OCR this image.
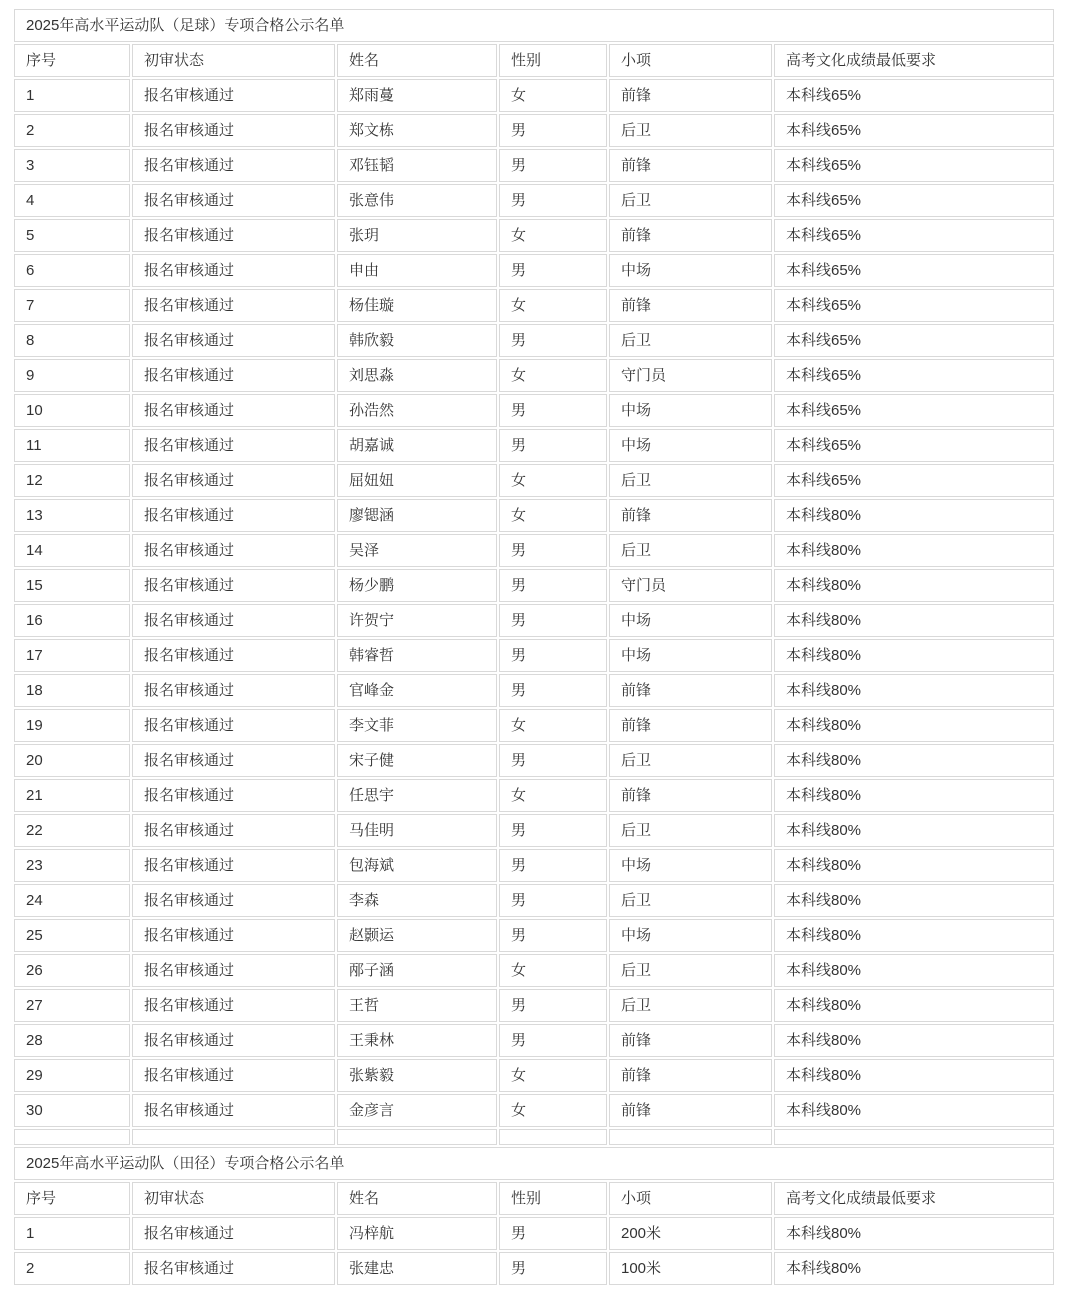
2025年高水平运动队（足球）专项合格公示名单					
序号	初审状态	姓名	性别	小项	高考文化成绩最低要求
1	报名审核通过	郑雨蔓	女	前锋	本科线65%
2	报名审核通过	郑文栋	男	后卫	本科线65%
3	报名审核通过	邓钰韬	男	前锋	本科线65%
4	报名审核通过	张意伟	男	后卫	本科线65%
5	报名审核通过	张玥	女	前锋	本科线65%
6	报名审核通过	申由	男	中场	本科线65%
7	报名审核通过	杨佳璇	女	前锋	本科线65%
8	报名审核通过	韩欣毅	男	后卫	本科线65%
9	报名审核通过	刘思淼	女	守门员	本科线65%
10	报名审核通过	孙浩然	男	中场	本科线65%
11	报名审核通过	胡嘉诚	男	中场	本科线65%
12	报名审核通过	屈妞妞	女	后卫	本科线65%
13	报名审核通过	廖锶涵	女	前锋	本科线80%
14	报名审核通过	吴泽	男	后卫	本科线80%
15	报名审核通过	杨少鹏	男	守门员	本科线80%
16	报名审核通过	许贺宁	男	中场	本科线80%
17	报名审核通过	韩睿哲	男	中场	本科线80%
18	报名审核通过	官峰金	男	前锋	本科线80%
19	报名审核通过	李文菲	女	前锋	本科线80%
20	报名审核通过	宋子健	男	后卫	本科线80%
21	报名审核通过	任思宇	女	前锋	本科线80%
22	报名审核通过	马佳明	男	后卫	本科线80%
23	报名审核通过	包海斌	男	中场	本科线80%
24	报名审核通过	李森	男	后卫	本科线80%
25	报名审核通过	赵颢运	男	中场	本科线80%
26	报名审核通过	邴子涵	女	后卫	本科线80%
27	报名审核通过	王哲	男	后卫	本科线80%
28	报名审核通过	王秉林	男	前锋	本科线80%
29	报名审核通过	张紫毅	女	前锋	本科线80%
30	报名审核通过	金彦言	女	前锋	本科线80%

2025年高水平运动队（田径）专项合格公示名单					
序号	初审状态	姓名	性别	小项	高考文化成绩最低要求
1	报名审核通过	冯梓航	男	200米	本科线80%
2	报名审核通过	张建忠	男	100米	本科线80%
